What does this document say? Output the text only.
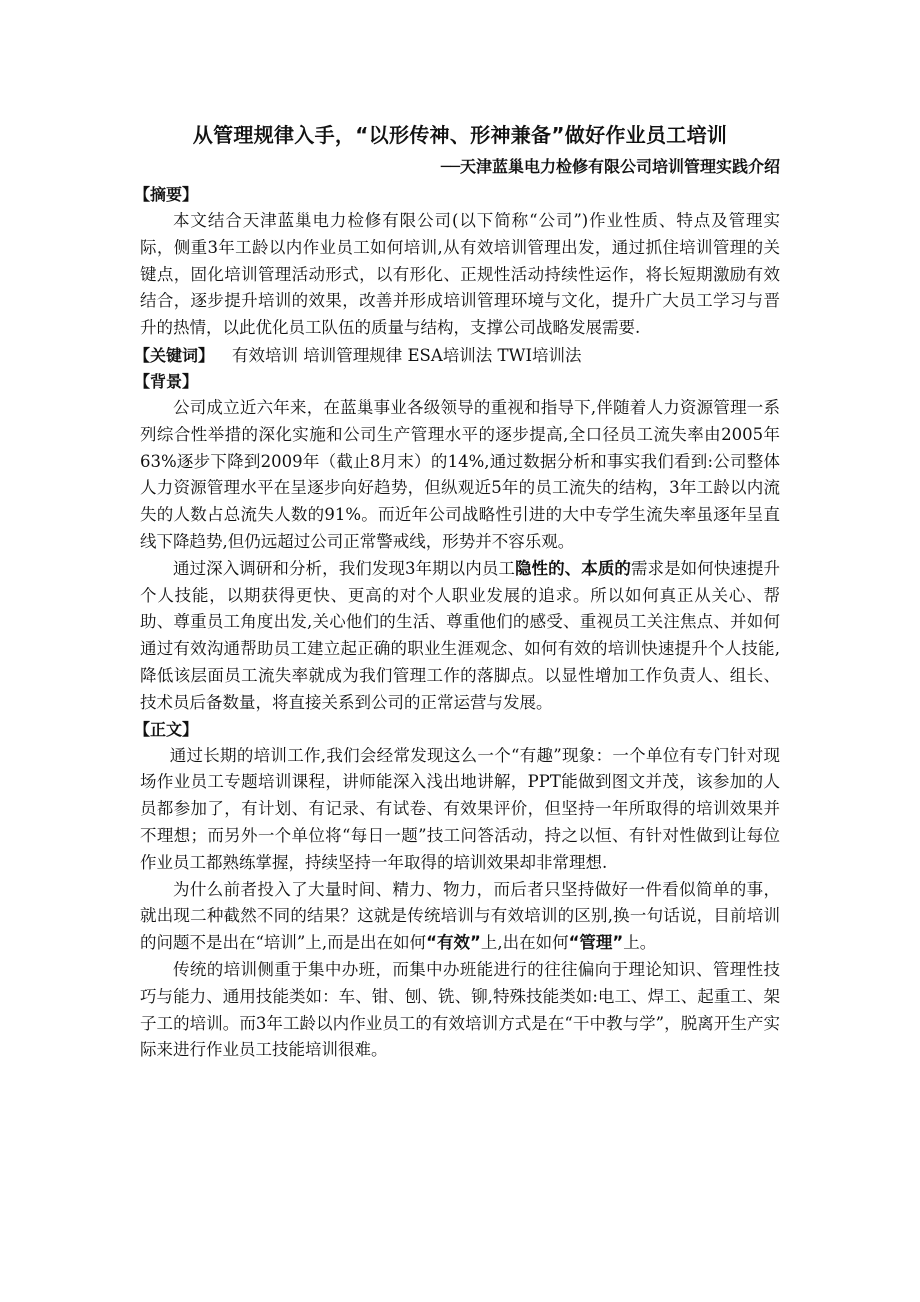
从管理规律入手，“以形传神、形神兼备”做好作业员工培训

──天津蓝巢电力检修有限公司培训管理实践介绍

【摘要】

本文结合天津蓝巢电力检修有限公司(以下简称“公司”)作业性质、特点及管理实际，侧重3年工龄以内作业员工如何培训,从有效培训管理出发，通过抓住培训管理的关键点，固化培训管理活动形式，以有形化、正规性活动持续性运作，将长短期激励有效结合，逐步提升培训的效果，改善并形成培训管理环境与文化，提升广大员工学习与晋升的热情，以此优化员工队伍的质量与结构，支撑公司战略发展需要.

【关键词】 有效培训 培训管理规律 ESA培训法 TWI培训法

【背景】

公司成立近六年来，在蓝巢事业各级领导的重视和指导下,伴随着人力资源管理一系列综合性举措的深化实施和公司生产管理水平的逐步提高,全口径员工流失率由2005年63%逐步下降到2009年（截止8月末）的14%,通过数据分析和事实我们看到:公司整体人力资源管理水平在呈逐步向好趋势，但纵观近5年的员工流失的结构，3年工龄以内流失的人数占总流失人数的91%。而近年公司战略性引进的大中专学生流失率虽逐年呈直线下降趋势,但仍远超过公司正常警戒线，形势并不容乐观。

通过深入调研和分析，我们发现3年期以内员工隐性的、本质的需求是如何快速提升个人技能，以期获得更快、更高的对个人职业发展的追求。所以如何真正从关心、帮助、尊重员工角度出发,关心他们的生活、尊重他们的感受、重视员工关注焦点、并如何通过有效沟通帮助员工建立起正确的职业生涯观念、如何有效的培训快速提升个人技能,降低该层面员工流失率就成为我们管理工作的落脚点。以显性增加工作负责人、组长、技术员后备数量，将直接关系到公司的正常运营与发展。

【正文】

通过长期的培训工作,我们会经常发现这么一个“有趣”现象：一个单位有专门针对现场作业员工专题培训课程，讲师能深入浅出地讲解，PPT能做到图文并茂，该参加的人员都参加了，有计划、有记录、有试卷、有效果评价，但坚持一年所取得的培训效果并不理想；而另外一个单位将“每日一题”技工问答活动，持之以恒、有针对性做到让每位作业员工都熟练掌握，持续坚持一年取得的培训效果却非常理想.

为什么前者投入了大量时间、精力、物力，而后者只坚持做好一件看似简单的事，就出现二种截然不同的结果？这就是传统培训与有效培训的区别,换一句话说，目前培训的问题不是出在“培训”上,而是出在如何“有效”上,出在如何“管理”上。

传统的培训侧重于集中办班，而集中办班能进行的往往偏向于理论知识、管理性技巧与能力、通用技能类如：车、钳、刨、铣、铆,特殊技能类如:电工、焊工、起重工、架子工的培训。而3年工龄以内作业员工的有效培训方式是在“干中教与学”，脱离开生产实际来进行作业员工技能培训很难。
